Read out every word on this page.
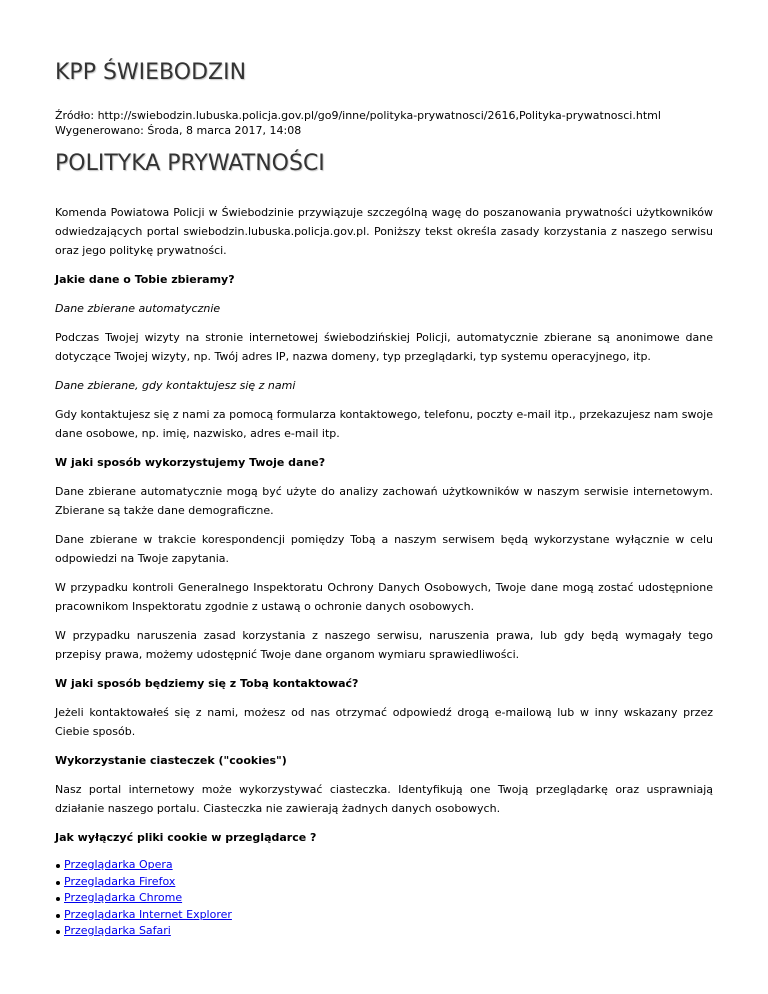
KPP ŚWIEBODZIN
Źródło: http://swiebodzin.lubuska.policja.gov.pl/go9/inne/polityka-prywatnosci/2616,Polityka-prywatnosci.html
Wygenerowano: Środa, 8 marca 2017, 14:08
POLITYKA PRYWATNOŚCI

Komenda Powiatowa Policji w Świebodzinie przywiązuje szczególną wagę do poszanowania prywatności użytkowników odwiedzających portal swiebodzin.lubuska.policja.gov.pl. Poniższy tekst określa zasady korzystania z naszego serwisu oraz jego politykę prywatności.

Jakie dane o Tobie zbieramy?

Dane zbierane automatycznie

Podczas Twojej wizyty na stronie internetowej świebodzińskiej Policji, automatycznie zbierane są anonimowe dane dotyczące Twojej wizyty, np. Twój adres IP, nazwa domeny, typ przeglądarki, typ systemu operacyjnego, itp.

Dane zbierane, gdy kontaktujesz się z nami

Gdy kontaktujesz się z nami za pomocą formularza kontaktowego, telefonu, poczty e-mail itp., przekazujesz nam swoje dane osobowe, np. imię, nazwisko, adres e-mail itp.

W jaki sposób wykorzystujemy Twoje dane?

Dane zbierane automatycznie mogą być użyte do analizy zachowań użytkowników w naszym serwisie internetowym. Zbierane są także dane demograficzne.

Dane zbierane w trakcie korespondencji pomiędzy Tobą a naszym serwisem będą wykorzystane wyłącznie w celu odpowiedzi na Twoje zapytania.

W przypadku kontroli Generalnego Inspektoratu Ochrony Danych Osobowych, Twoje dane mogą zostać udostępnione pracownikom Inspektoratu zgodnie z ustawą o ochronie danych osobowych.

W przypadku naruszenia zasad korzystania z naszego serwisu, naruszenia prawa, lub gdy będą wymagały tego przepisy prawa, możemy udostępnić Twoje dane organom wymiaru sprawiedliwości.

W jaki sposób będziemy się z Tobą kontaktować?

Jeżeli kontaktowałeś się z nami, możesz od nas otrzymać odpowiedź drogą e-mailową lub w inny wskazany przez Ciebie sposób.

Wykorzystanie ciasteczek ("cookies")

Nasz portal internetowy może wykorzystywać ciasteczka. Identyfikują one Twoją przeglądarkę oraz usprawniają działanie naszego portalu. Ciasteczka nie zawierają żadnych danych osobowych.

Jak wyłączyć pliki cookie w przeglądarce ?

Przeglądarka Opera
Przeglądarka Firefox
Przeglądarka Chrome
Przeglądarka Internet Explorer
Przeglądarka Safari
